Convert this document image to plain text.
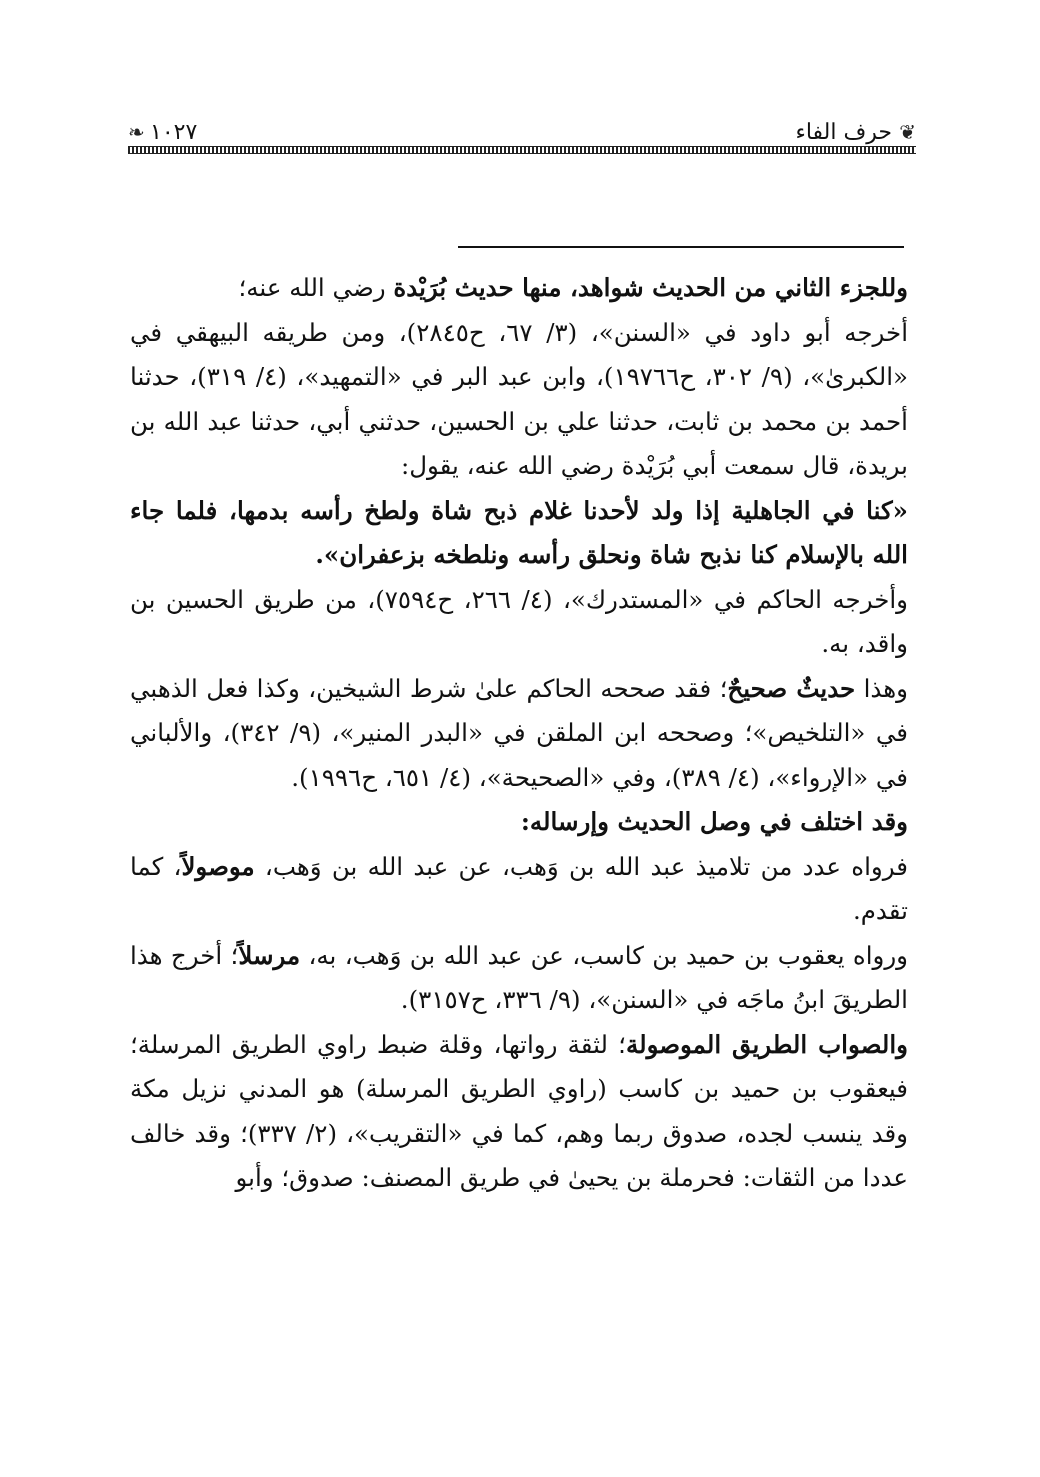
❦
حرف الفاء
١٠٢٧
❧

وللجزء الثاني من الحديث شواهد، منها حديث بُرَيْدة رضي الله عنه؛

أخرجه أبو داود في «السنن»، (٣/ ٦٧، ح٢٨٤٥)، ومن طريقه البيهقي في «الكبرىٰ»، (٩/ ٣٠٢، ح١٩٧٦٦)، وابن عبد البر في «التمهيد»، (٤/ ٣١٩)، حدثنا أحمد بن محمد بن ثابت، حدثنا علي بن الحسين، حدثني أبي، حدثنا عبد الله بن بريدة، قال سمعت أبي بُرَيْدة رضي الله عنه، يقول:

«كنا في الجاهلية إذا ولد لأحدنا غلام ذبح شاة ولطخ رأسه بدمها، فلما جاء الله بالإسلام كنا نذبح شاة ونحلق رأسه ونلطخه بزعفران».

وأخرجه الحاكم في «المستدرك»، (٤/ ٢٦٦، ح٧٥٩٤)، من طريق الحسين بن واقد، به.

وهذا حديثٌ صحيحٌ؛ فقد صححه الحاكم علىٰ شرط الشيخين، وكذا فعل الذهبي في «التلخيص»؛ وصححه ابن الملقن في «البدر المنير»، (٩/ ٣٤٢)، والألباني في «الإرواء»، (٤/ ٣٨٩)، وفي «الصحيحة»، (٤/ ٦٥١، ح١٩٩٦).

وقد اختلف في وصل الحديث وإرساله:

فرواه عدد من تلاميذ عبد الله بن وَهب، عن عبد الله بن وَهب، موصولاً، كما تقدم.

ورواه يعقوب بن حميد بن كاسب، عن عبد الله بن وَهب، به، مرسلاً؛ أخرج هذا الطريقَ ابنُ ماجَه في «السنن»، (٩/ ٣٣٦، ح٣١٥٧).

والصواب الطريق الموصولة؛ لثقة رواتها، وقلة ضبط راوي الطريق المرسلة؛ فيعقوب بن حميد بن كاسب (راوي الطريق المرسلة) هو المدني نزيل مكة وقد ينسب لجده، صدوق ربما وهم، كما في «التقريب»، (٢/ ٣٣٧)؛ وقد خالف عددا من الثقات: فحرملة بن يحيىٰ في طريق المصنف: صدوق؛ وأبو
